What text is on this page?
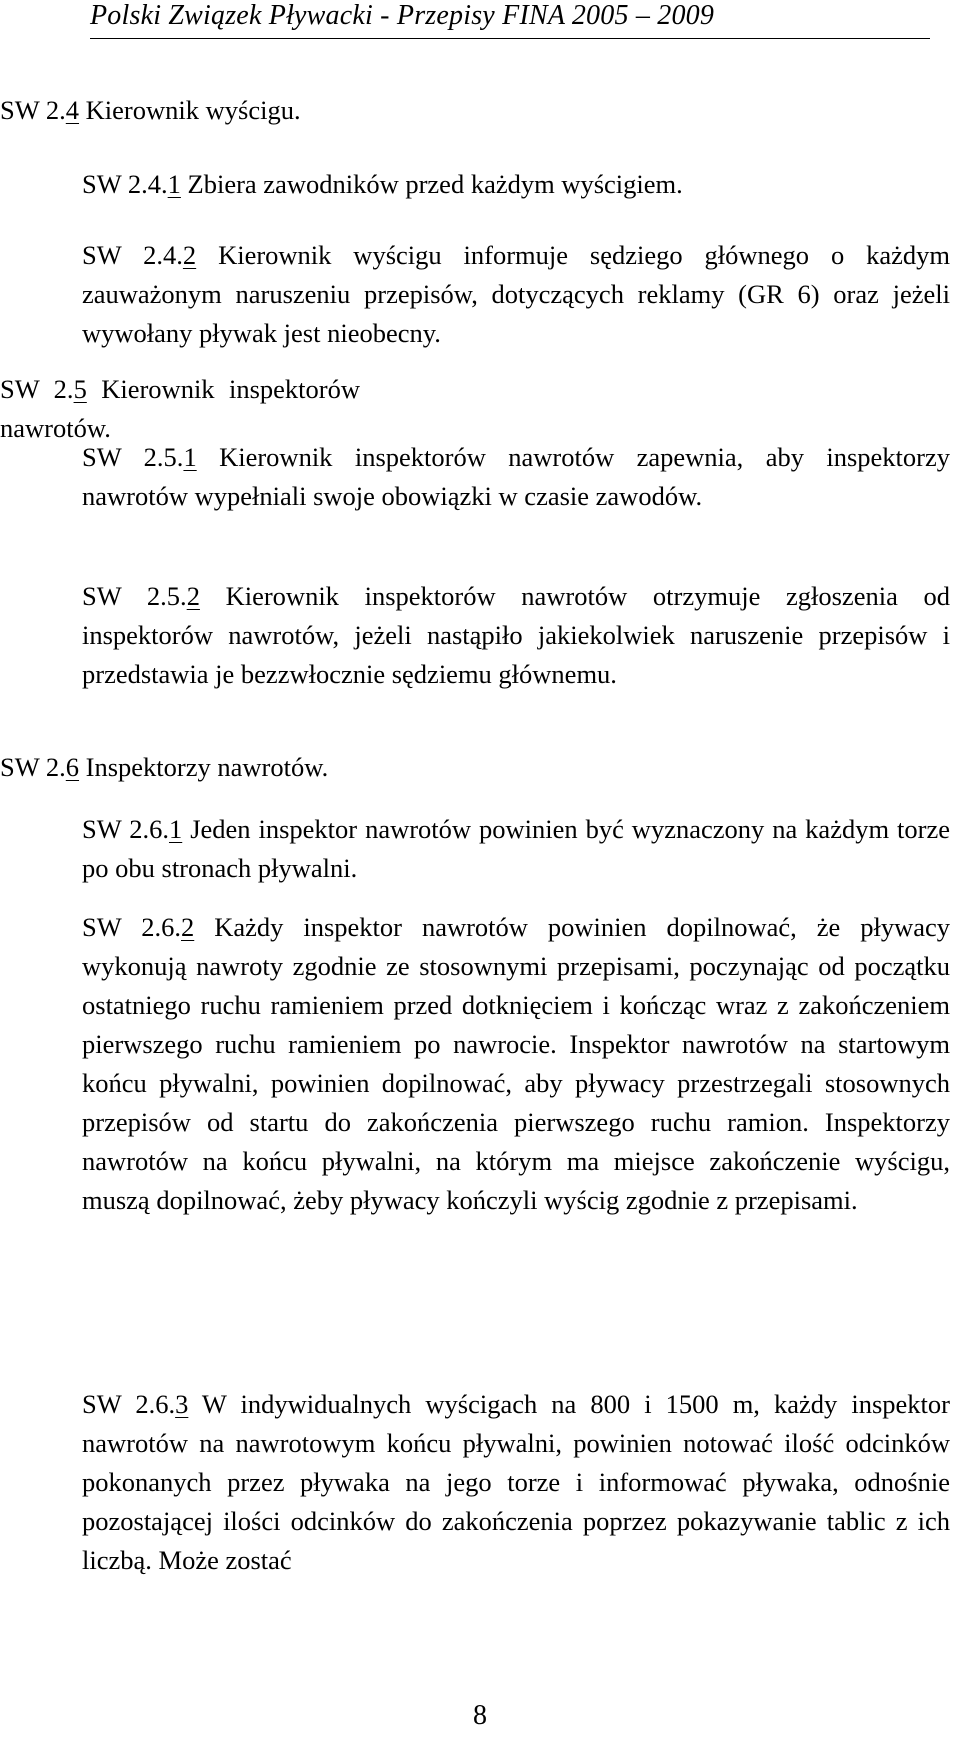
Polski Związek Pływacki - Przepisy FINA 2005 – 2009
SW 2.4 Kierownik wyścigu.
SW 2.4.1 Zbiera zawodników przed każdym wyścigiem.
SW 2.4.2 Kierownik wyścigu informuje sędziego głównego o każdym zauważonym naruszeniu przepisów, dotyczących reklamy (GR 6) oraz jeżeli wywołany pływak jest nieobecny.
SW 2.5 Kierownik inspektorów nawrotów.
SW 2.5.1 Kierownik inspektorów nawrotów zapewnia, aby inspektorzy nawrotów wypełniali swoje obowiązki w czasie zawodów.
SW 2.5.2 Kierownik inspektorów nawrotów otrzymuje zgłoszenia od inspektorów nawrotów, jeżeli nastąpiło jakiekolwiek naruszenie przepisów i przedstawia je bezzwłocznie sędziemu głównemu.
SW 2.6 Inspektorzy nawrotów.
SW 2.6.1 Jeden inspektor nawrotów powinien być wyznaczony na każdym torze po obu stronach pływalni.
SW 2.6.2 Każdy inspektor nawrotów powinien dopilnować, że pływacy wykonują nawroty zgodnie ze stosownymi przepisami, poczynając od początku ostatniego ruchu ramieniem przed dotknięciem i kończąc wraz z zakończeniem pierwszego ruchu ramieniem po nawrocie. Inspektor nawrotów na startowym końcu pływalni, powinien dopilnować, aby pływacy przestrzegali stosownych przepisów od startu do zakończenia pierwszego ruchu ramion. Inspektorzy nawrotów na końcu pływalni, na którym ma miejsce zakończenie wyścigu, muszą dopilnować, żeby pływacy kończyli wyścig zgodnie z przepisami.
SW 2.6.3 W indywidualnych wyścigach na 800 i 1500 m, każdy inspektor nawrotów na nawrotowym końcu pływalni, powinien notować ilość odcinków pokonanych przez pływaka na jego torze i informować pływaka, odnośnie pozostającej ilości odcinków do zakończenia poprzez pokazywanie tablic z ich liczbą. Może zostać
8
